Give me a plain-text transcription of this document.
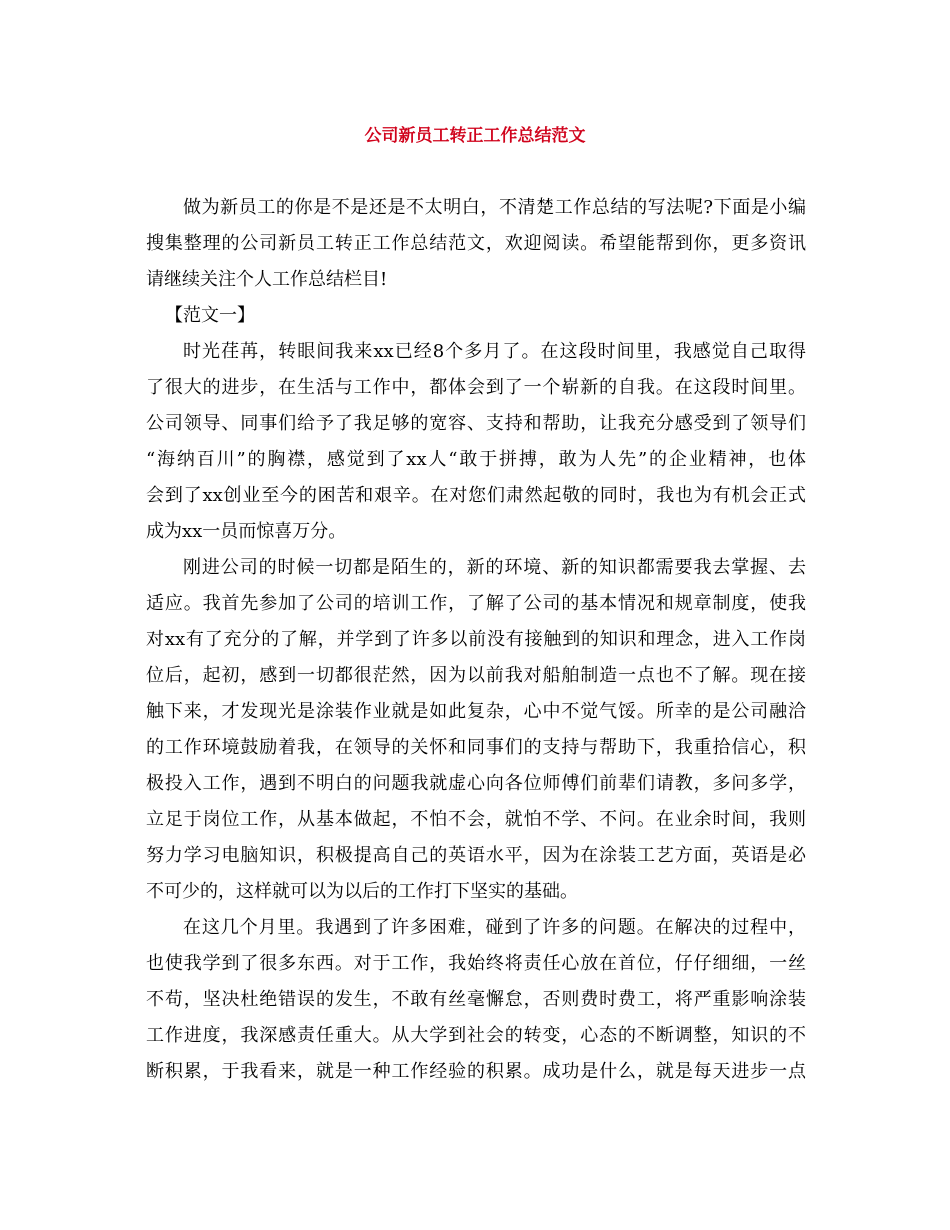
公司新员工转正工作总结范文
做为新员工的你是不是还是不太明白，不清楚工作总结的写法呢?下面是小编
搜集整理的公司新员工转正工作总结范文，欢迎阅读。希望能帮到你，更多资讯
请继续关注个人工作总结栏目!
【范文一】
时光荏苒，转眼间我来xx已经8个多月了。在这段时间里，我感觉自己取得
了很大的进步，在生活与工作中，都体会到了一个崭新的自我。在这段时间里。
公司领导、同事们给予了我足够的宽容、支持和帮助，让我充分感受到了领导们
“海纳百川”的胸襟，感觉到了xx人“敢于拼搏，敢为人先”的企业精神，也体
会到了xx创业至今的困苦和艰辛。在对您们肃然起敬的同时，我也为有机会正式
成为xx一员而惊喜万分。
刚进公司的时候一切都是陌生的，新的环境、新的知识都需要我去掌握、去
适应。我首先参加了公司的培训工作，了解了公司的基本情况和规章制度，使我
对xx有了充分的了解，并学到了许多以前没有接触到的知识和理念，进入工作岗
位后，起初，感到一切都很茫然，因为以前我对船舶制造一点也不了解。现在接
触下来，才发现光是涂装作业就是如此复杂，心中不觉气馁。所幸的是公司融洽
的工作环境鼓励着我，在领导的关怀和同事们的支持与帮助下，我重拾信心，积
极投入工作，遇到不明白的问题我就虚心向各位师傅们前辈们请教，多问多学，
立足于岗位工作，从基本做起，不怕不会，就怕不学、不问。在业余时间，我则
努力学习电脑知识，积极提高自己的英语水平，因为在涂装工艺方面，英语是必
不可少的，这样就可以为以后的工作打下坚实的基础。
在这几个月里。我遇到了许多困难，碰到了许多的问题。在解决的过程中，
也使我学到了很多东西。对于工作，我始终将责任心放在首位，仔仔细细，一丝
不苟，坚决杜绝错误的发生，不敢有丝毫懈怠，否则费时费工，将严重影响涂装
工作进度，我深感责任重大。从大学到社会的转变，心态的不断调整，知识的不
断积累，于我看来，就是一种工作经验的积累。成功是什么，就是每天进步一点
